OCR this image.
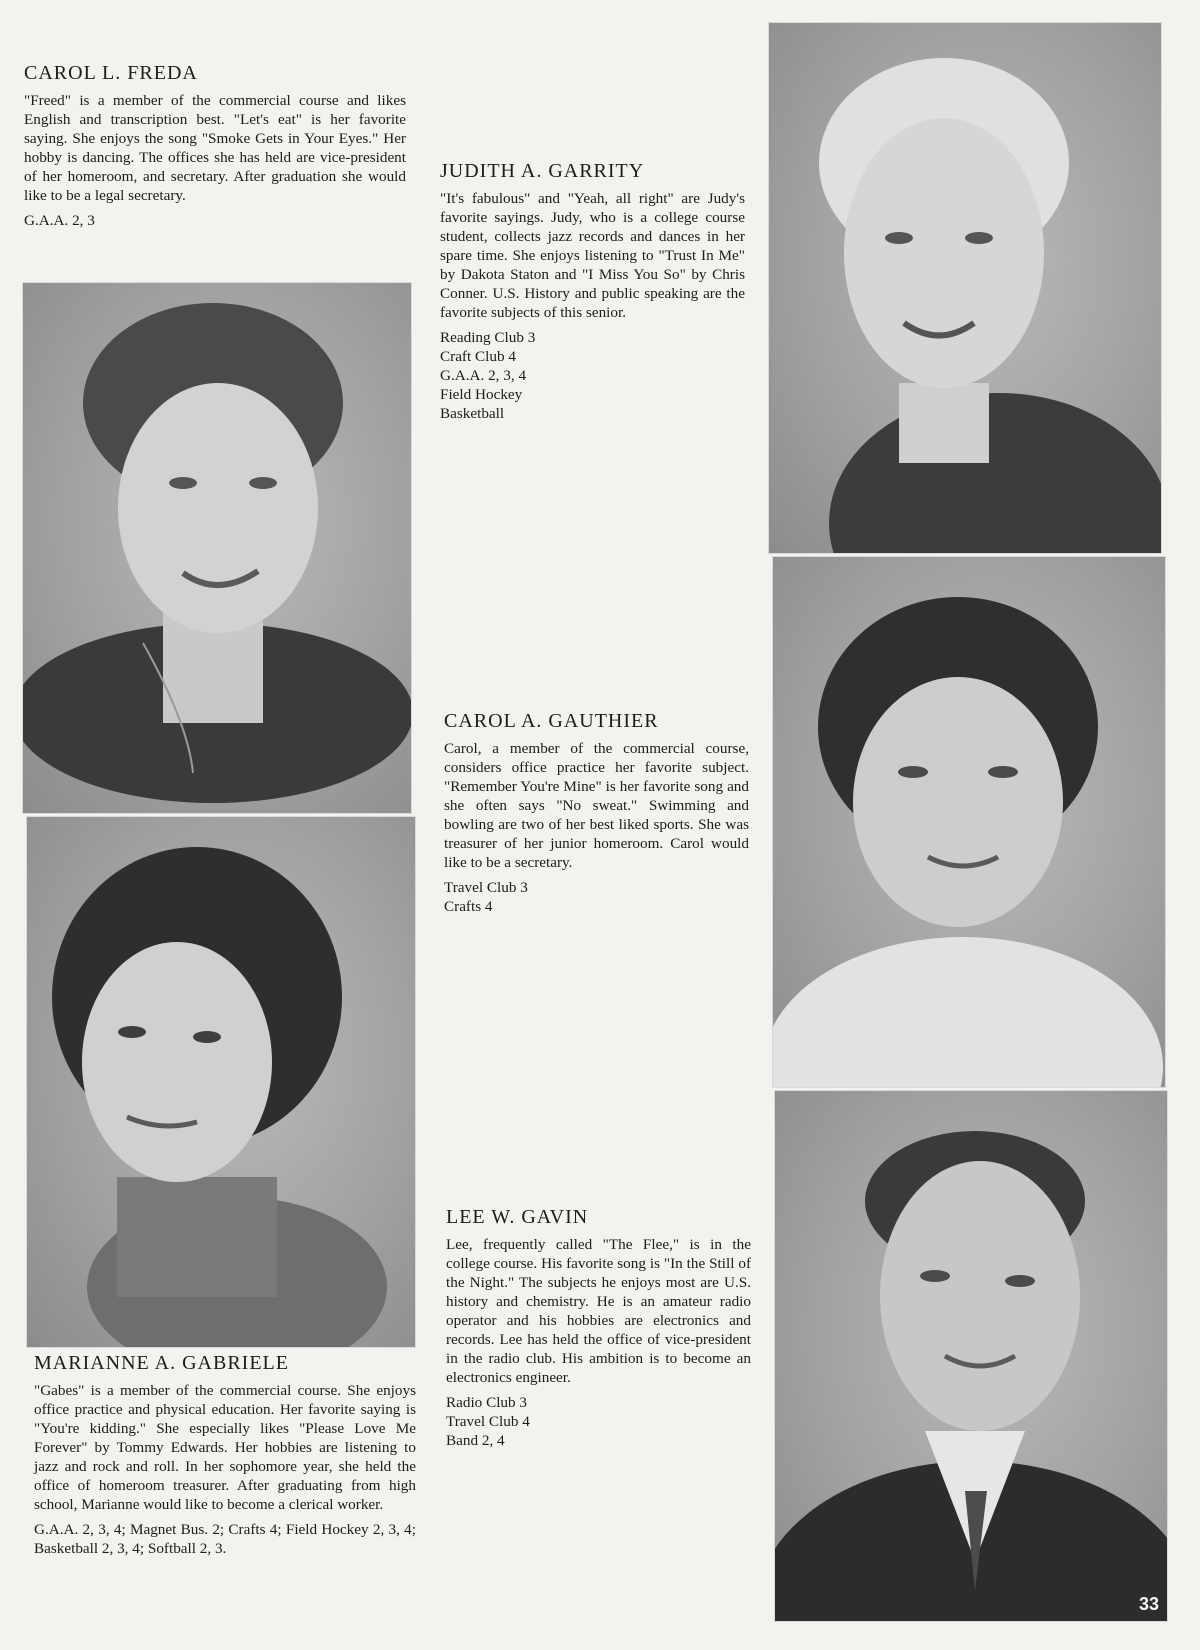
CAROL L. FREDA

"Freed" is a member of the commercial course and likes English and transcription best. "Let's eat" is her favorite saying. She enjoys the song "Smoke Gets in Your Eyes." Her hobby is dancing. The offices she has held are vice-president of her homeroom, and secretary. After graduation she would like to be a legal secretary.

G.A.A. 2, 3
MARIANNE A. GABRIELE

"Gabes" is a member of the commercial course. She enjoys office practice and physical education. Her favorite saying is "You're kidding." She especially likes "Please Love Me Forever" by Tommy Edwards. Her hobbies are listening to jazz and rock and roll. In her sophomore year, she held the office of homeroom treasurer. After graduating from high school, Marianne would like to become a clerical worker.

G.A.A. 2, 3, 4; Magnet Bus. 2; Crafts 4; Field Hockey 2, 3, 4; Basketball 2, 3, 4; Softball 2, 3.
JUDITH A. GARRITY

"It's fabulous" and "Yeah, all right" are Judy's favorite sayings. Judy, who is a college course student, collects jazz records and dances in her spare time. She enjoys listening to "Trust In Me" by Dakota Staton and "I Miss You So" by Chris Conner. U.S. History and public speaking are the favorite subjects of this senior.

Reading Club 3
Craft Club 4
G.A.A. 2, 3, 4
Field Hockey
Basketball
CAROL A. GAUTHIER

Carol, a member of the commercial course, considers office practice her favorite subject. "Remember You're Mine" is her favorite song and she often says "No sweat." Swimming and bowling are two of her best liked sports. She was treasurer of her junior homeroom. Carol would like to be a secretary.

Travel Club 3
Crafts 4
LEE W. GAVIN

Lee, frequently called "The Flee," is in the college course. His favorite song is "In the Still of the Night." The subjects he enjoys most are U.S. history and chemistry. He is an amateur radio operator and his hobbies are electronics and records. Lee has held the office of vice-president in the radio club. His ambition is to become an electronics engineer.

Radio Club 3
Travel Club 4
Band 2, 4
33
